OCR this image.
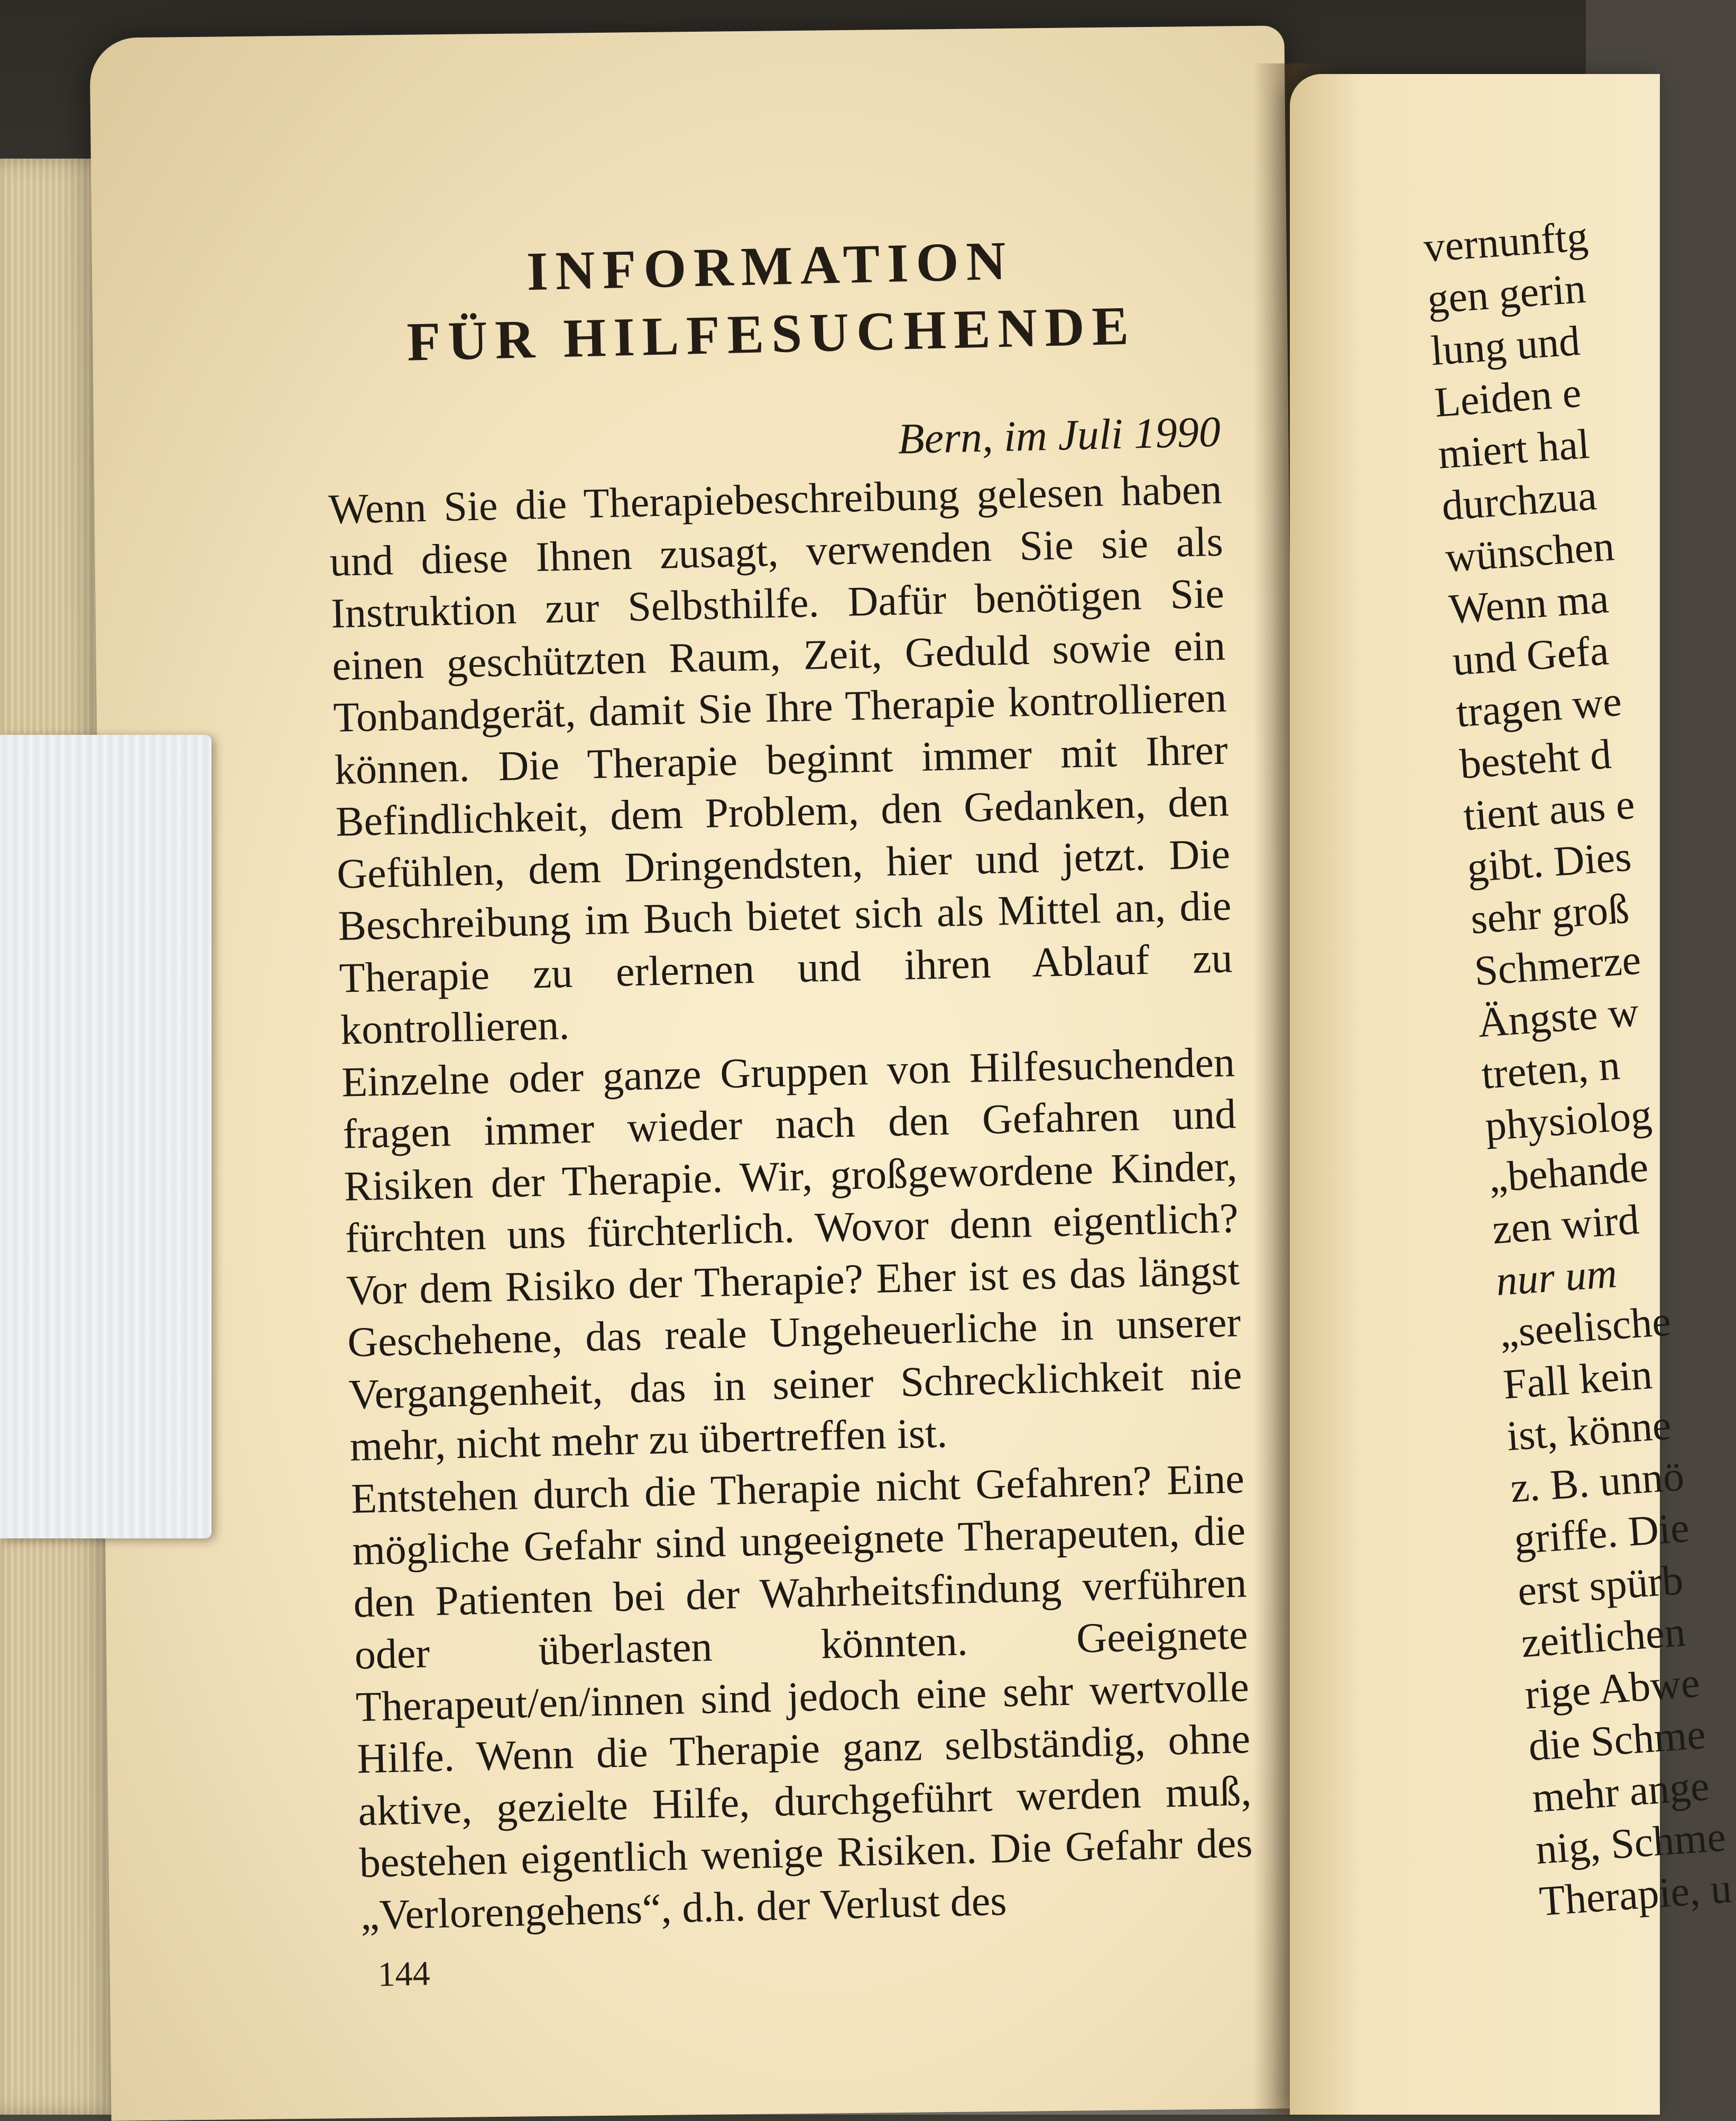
INFORMATION
FÜR HILFESUCHENDE
Bern, im Juli 1990

Wenn Sie die Therapiebeschreibung gelesen haben und diese Ihnen zusagt, verwenden Sie sie als Instruktion zur Selbsthilfe. Dafür benötigen Sie einen geschützten Raum, Zeit, Geduld sowie ein Tonbandgerät, damit Sie Ihre Therapie kontrollieren können. Die Therapie beginnt immer mit Ihrer Befindlichkeit, dem Problem, den Gedanken, den Gefühlen, dem Dringendsten, hier und jetzt. Die Beschreibung im Buch bietet sich als Mittel an, die Therapie zu erlernen und ihren Ablauf zu kontrollieren.

Einzelne oder ganze Gruppen von Hilfesuchenden fragen immer wieder nach den Gefahren und Risiken der Therapie. Wir, großgewordene Kinder, fürchten uns fürchterlich. Wovor denn eigentlich? Vor dem Risiko der Therapie? Eher ist es das längst Geschehene, das reale Ungeheuerliche in unserer Vergangenheit, das in seiner Schrecklichkeit nie mehr, nicht mehr zu übertreffen ist.

Entstehen durch die Therapie nicht Gefahren? Eine mögliche Gefahr sind ungeeignete Therapeuten, die den Patienten bei der Wahrheitsfindung verführen oder überlasten könnten. Geeignete Therapeut/en/innen sind jedoch eine sehr wertvolle Hilfe. Wenn die Therapie ganz selbständig, ohne aktive, gezielte Hilfe, durchgeführt werden muß, bestehen eigentlich wenige Risiken. Die Gefahr des „Verlorengehens“, d.h. der Verlust des

144
vernunftg
gen gerin
lung und
Leiden e
miert hal
durchzua
wünschen
Wenn ma
und Gefa
tragen we
besteht d
tient aus e
gibt. Dies
sehr groß
Schmerze
Ängste w
treten, n
physiolog
„behande
zen wird
nur um
„seelische
Fall kein
ist, könne
z. B. unnö
griffe. Die
erst spürb
zeitlichen
rige Abwe
die Schme
mehr ange
nig, Schme
Therapie, u
